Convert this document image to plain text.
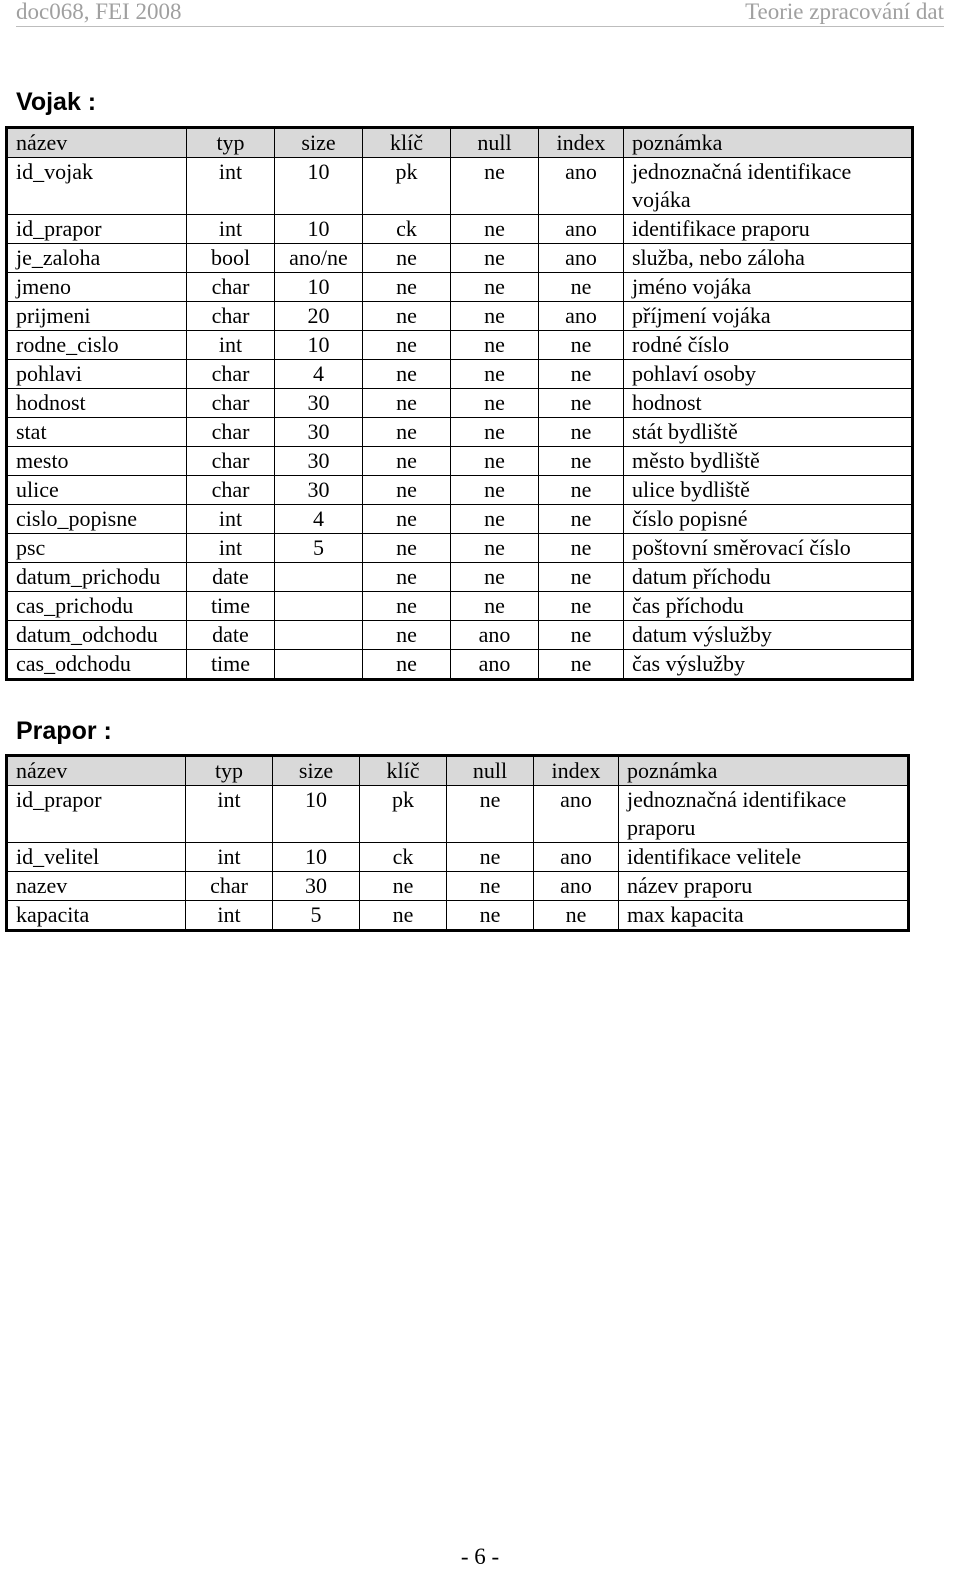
doc068, FEI 2008	Teorie zpracování dat
Vojak :
název	typ	size	klíč	null	index	poznámka
id_vojak	int	10	pk	ne	ano	jednoznačná identifikace vojáka
id_prapor	int	10	ck	ne	ano	identifikace praporu
je_zaloha	bool	ano/ne	ne	ne	ano	služba, nebo záloha
jmeno	char	10	ne	ne	ne	jméno vojáka
prijmeni	char	20	ne	ne	ano	příjmení vojáka
rodne_cislo	int	10	ne	ne	ne	rodné číslo
pohlavi	char	4	ne	ne	ne	pohlaví osoby
hodnost	char	30	ne	ne	ne	hodnost
stat	char	30	ne	ne	ne	stát bydliště
mesto	char	30	ne	ne	ne	město bydliště
ulice	char	30	ne	ne	ne	ulice bydliště
cislo_popisne	int	4	ne	ne	ne	číslo popisné
psc	int	5	ne	ne	ne	poštovní směrovací číslo
datum_prichodu	date		ne	ne	ne	datum příchodu
cas_prichodu	time		ne	ne	ne	čas příchodu
datum_odchodu	date		ne	ano	ne	datum výslužby
cas_odchodu	time		ne	ano	ne	čas výslužby
Prapor :
název	typ	size	klíč	null	index	poznámka
id_prapor	int	10	pk	ne	ano	jednoznačná identifikace praporu
id_velitel	int	10	ck	ne	ano	identifikace velitele
nazev	char	30	ne	ne	ano	název praporu
kapacita	int	5	ne	ne	ne	max kapacita
- 6 -
